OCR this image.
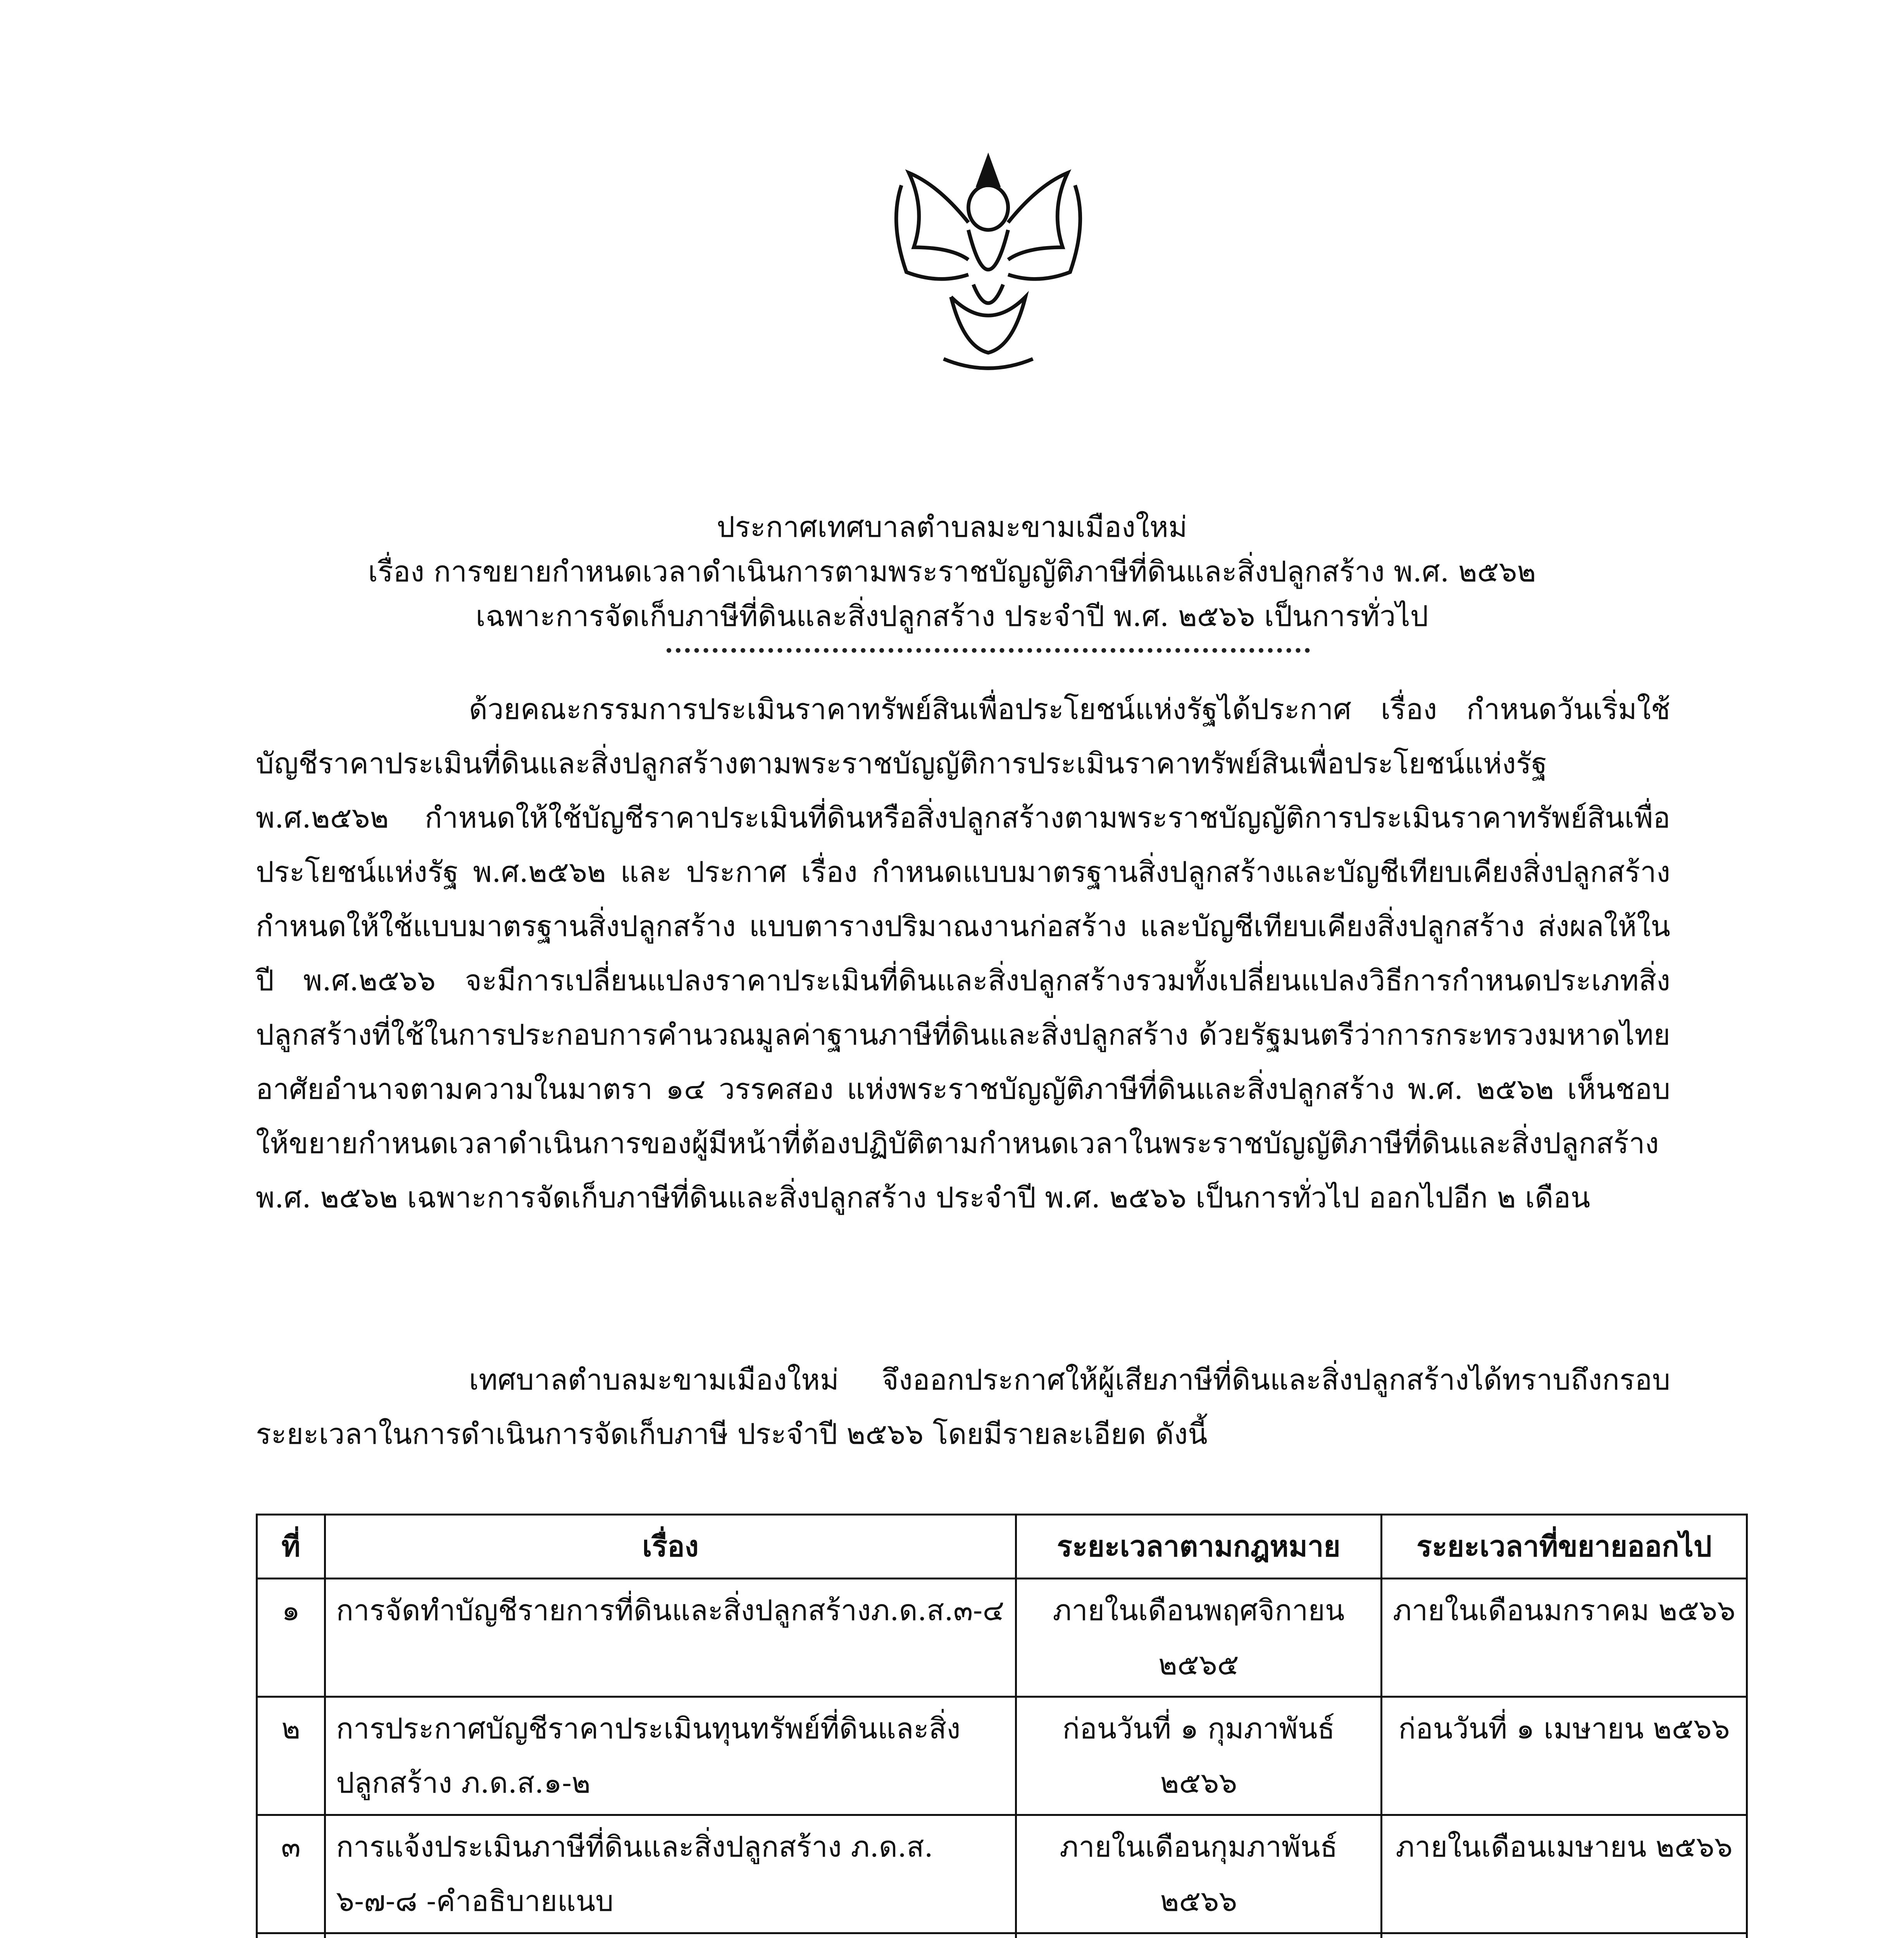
ประกาศเทศบาลตำบลมะขามเมืองใหม่
เรื่อง การขยายกำหนดเวลาดำเนินการตามพระราชบัญญัติภาษีที่ดินและสิ่งปลูกสร้าง พ.ศ. ๒๕๖๒
เฉพาะการจัดเก็บภาษีที่ดินและสิ่งปลูกสร้าง ประจำปี พ.ศ. ๒๕๖๖ เป็นการทั่วไป
ด้วยคณะกรรมการประเมินราคาทรัพย์สินเพื่อประโยชน์แห่งรัฐได้ประกาศ เรื่อง กำหนดวันเริ่มใช้บัญชีราคาประเมินที่ดินและสิ่งปลูกสร้างตามพระราชบัญญัติการประเมินราคาทรัพย์สินเพื่อประโยชน์แห่งรัฐ พ.ศ.๒๕๖๒ กำหนดให้ใช้บัญชีราคาประเมินที่ดินหรือสิ่งปลูกสร้างตามพระราชบัญญัติการประเมินราคาทรัพย์สินเพื่อประโยชน์แห่งรัฐ พ.ศ.๒๕๖๒ และ ประกาศ เรื่อง กำหนดแบบมาตรฐานสิ่งปลูกสร้างและบัญชีเทียบเคียงสิ่งปลูกสร้าง กำหนดให้ใช้แบบมาตรฐานสิ่งปลูกสร้าง แบบตารางปริมาณงานก่อสร้าง และบัญชีเทียบเคียงสิ่งปลูกสร้าง ส่งผลให้ในปี พ.ศ.๒๕๖๖ จะมีการเปลี่ยนแปลงราคาประเมินที่ดินและสิ่งปลูกสร้างรวมทั้งเปลี่ยนแปลงวิธีการกำหนดประเภทสิ่งปลูกสร้างที่ใช้ในการประกอบการคำนวณมูลค่าฐานภาษีที่ดินและสิ่งปลูกสร้าง ด้วยรัฐมนตรีว่าการกระทรวงมหาดไทย อาศัยอำนาจตามความในมาตรา ๑๔ วรรคสอง แห่งพระราชบัญญัติภาษีที่ดินและสิ่งปลูกสร้าง พ.ศ. ๒๕๖๒ เห็นชอบให้ขยายกำหนดเวลาดำเนินการของผู้มีหน้าที่ต้องปฏิบัติตามกำหนดเวลาในพระราชบัญญัติภาษีที่ดินและสิ่งปลูกสร้าง พ.ศ. ๒๕๖๒ เฉพาะการจัดเก็บภาษีที่ดินและสิ่งปลูกสร้าง ประจำปี พ.ศ. ๒๕๖๖ เป็นการทั่วไป ออกไปอีก ๒ เดือน
เทศบาลตำบลมะขามเมืองใหม่ จึงออกประกาศให้ผู้เสียภาษีที่ดินและสิ่งปลูกสร้างได้ทราบถึงกรอบระยะเวลาในการดำเนินการจัดเก็บภาษี ประจำปี ๒๕๖๖ โดยมีรายละเอียด ดังนี้
ที่	เรื่อง	ระยะเวลาตามกฎหมาย	ระยะเวลาที่ขยายออกไป
๑	การจัดทำบัญชีรายการที่ดินและสิ่งปลูกสร้างภ.ด.ส.๓-๔	ภายในเดือนพฤศจิกายน ๒๕๖๕	ภายในเดือนมกราคม ๒๕๖๖
๒	การประกาศบัญชีราคาประเมินทุนทรัพย์ที่ดินและสิ่งปลูกสร้าง ภ.ด.ส.๑-๒	ก่อนวันที่ ๑ กุมภาพันธ์ ๒๕๖๖	ก่อนวันที่ ๑ เมษายน ๒๕๖๖
๓	การแจ้งประเมินภาษีที่ดินและสิ่งปลูกสร้าง ภ.ด.ส. ๖-๗-๘ -คำอธิบายแนบ	ภายในเดือนกุมภาพันธ์ ๒๕๖๖	ภายในเดือนเมษายน ๒๕๖๖
